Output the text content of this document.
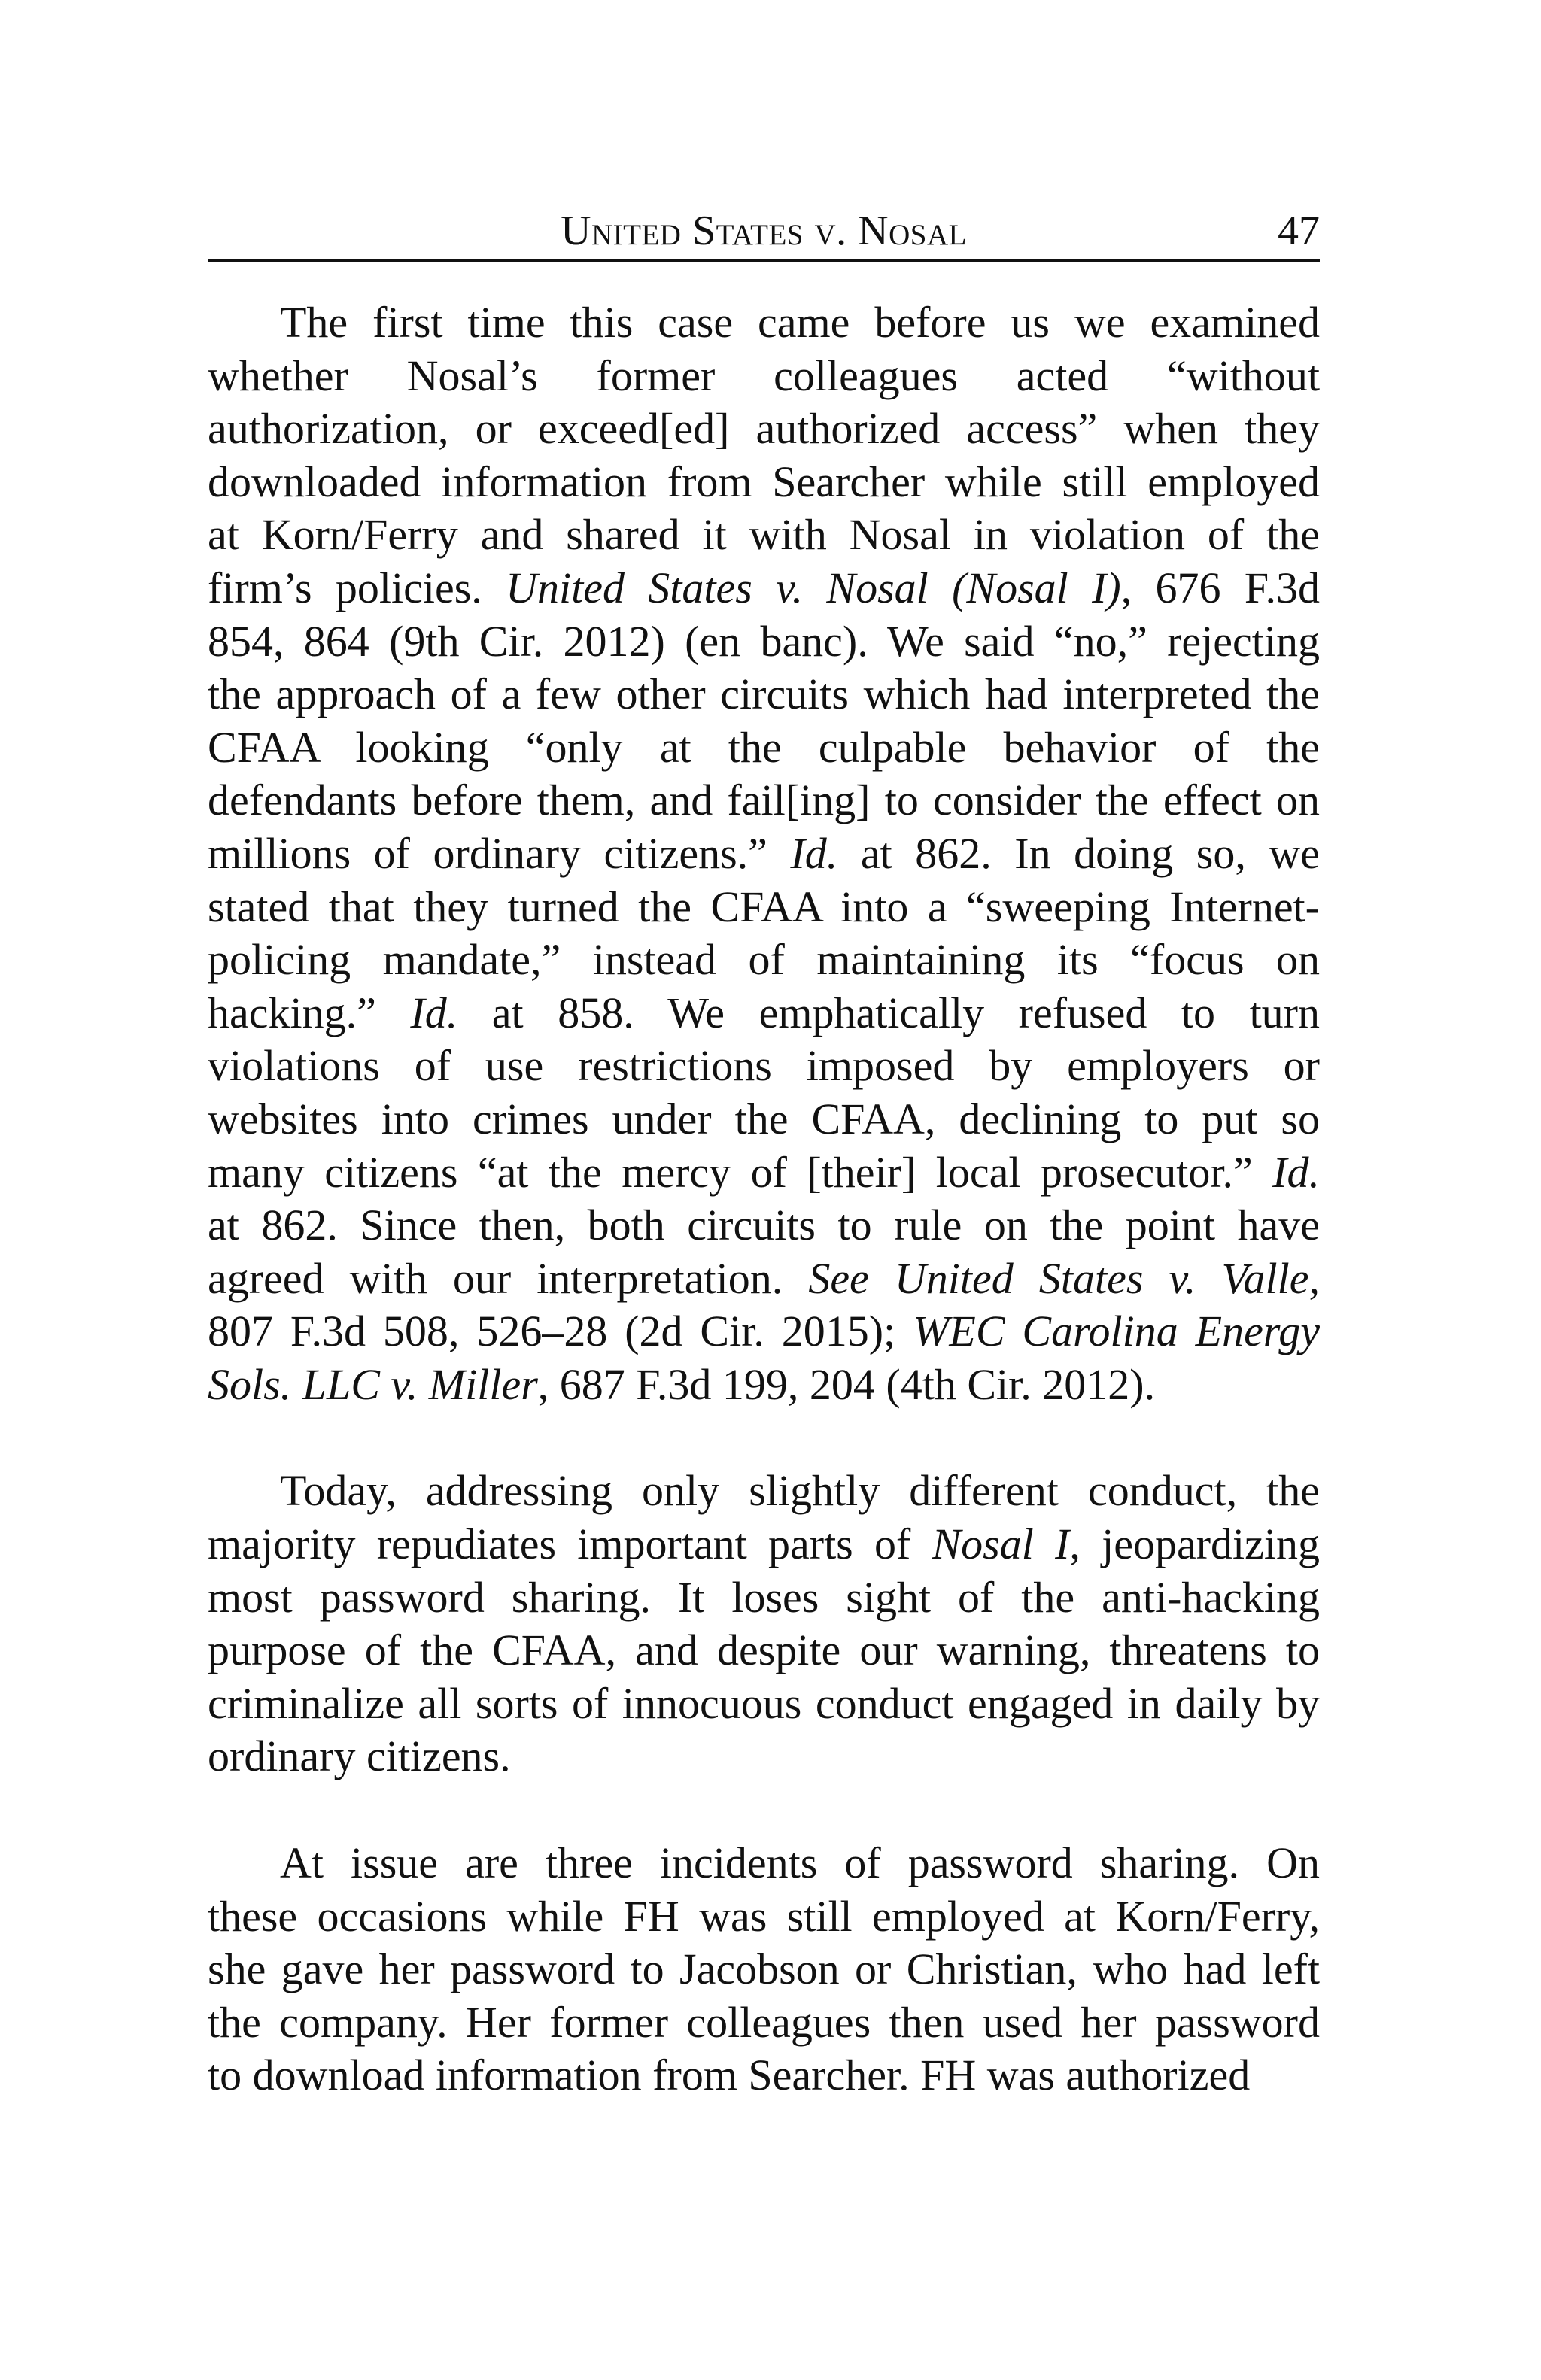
United States v. Nosal	47

The first time this case came before us we examined
whether Nosal’s former colleagues acted “without
authorization, or exceed[ed] authorized access” when they
downloaded information from Searcher while still employed
at Korn/Ferry and shared it with Nosal in violation of the
firm’s policies. United States v. Nosal (Nosal I), 676 F.3d
854, 864 (9th Cir. 2012) (en banc). We said “no,” rejecting
the approach of a few other circuits which had interpreted the
CFAA looking “only at the culpable behavior of the
defendants before them, and fail[ing] to consider the effect on
millions of ordinary citizens.” Id. at 862. In doing so, we
stated that they turned the CFAA into a “sweeping Internet-
policing mandate,” instead of maintaining its “focus on
hacking.” Id. at 858. We emphatically refused to turn
violations of use restrictions imposed by employers or
websites into crimes under the CFAA, declining to put so
many citizens “at the mercy of [their] local prosecutor.” Id.
at 862. Since then, both circuits to rule on the point have
agreed with our interpretation. See United States v. Valle,
807 F.3d 508, 526–28 (2d Cir. 2015); WEC Carolina Energy
Sols. LLC v. Miller, 687 F.3d 199, 204 (4th Cir. 2012).

Today, addressing only slightly different conduct, the
majority repudiates important parts of Nosal I, jeopardizing
most password sharing. It loses sight of the anti-hacking
purpose of the CFAA, and despite our warning, threatens to
criminalize all sorts of innocuous conduct engaged in daily by
ordinary citizens.

At issue are three incidents of password sharing. On
these occasions while FH was still employed at Korn/Ferry,
she gave her password to Jacobson or Christian, who had left
the company. Her former colleagues then used her password
to download information from Searcher. FH was authorized
